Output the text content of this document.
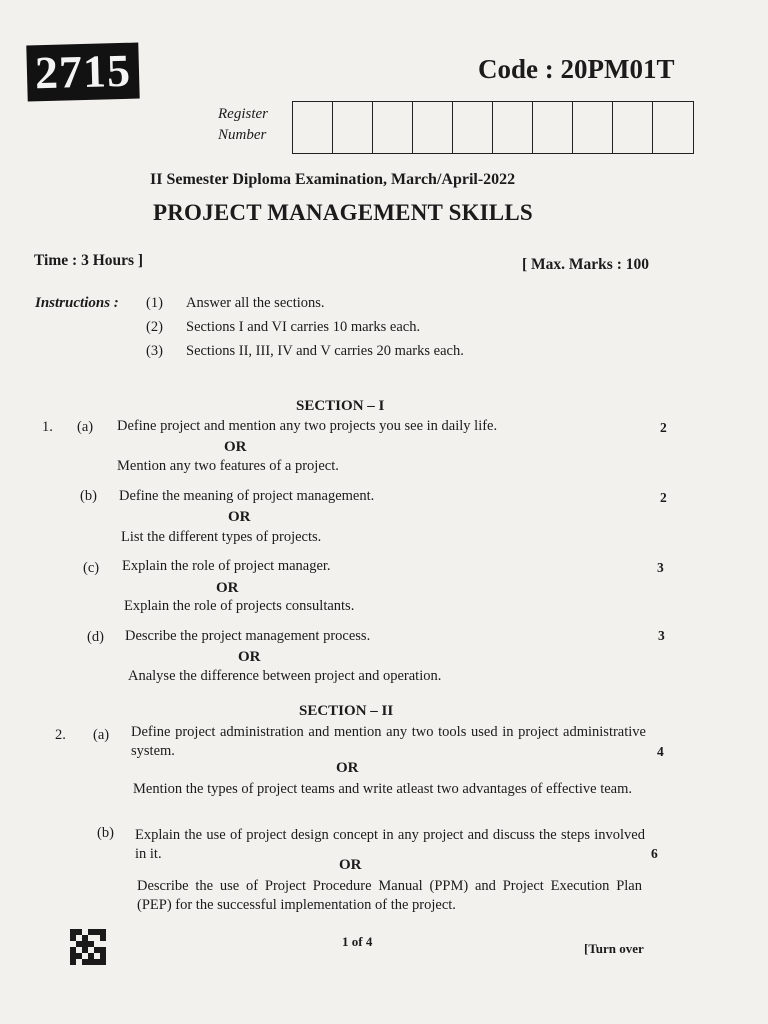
2715	Code : 20PM01T
Register
Number
II Semester Diploma Examination, March/April-2022
PROJECT MANAGEMENT SKILLS
Time : 3 Hours ]	[ Max. Marks : 100
Instructions : (1) Answer all the sections.
(2) Sections I and VI carries 10 marks each.
(3) Sections II, III, IV and V carries 20 marks each.
SECTION – I
1. (a) Define project and mention any two projects you see in daily life.	2
OR
Mention any two features of a project.
(b) Define the meaning of project management.	2
OR
List the different types of projects.
(c) Explain the role of project manager.	3
OR
Explain the role of projects consultants.
(d) Describe the project management process.	3
OR
Analyse the difference between project and operation.
SECTION – II
2. (a) Define project administration and mention any two tools used in project administrative system.	4
OR
Mention the types of project teams and write atleast two advantages of effective team.
(b) Explain the use of project design concept in any project and discuss the steps involved in it.	6
OR
Describe the use of Project Procedure Manual (PPM) and Project Execution Plan (PEP) for the successful implementation of the project.
1 of 4	[Turn over
